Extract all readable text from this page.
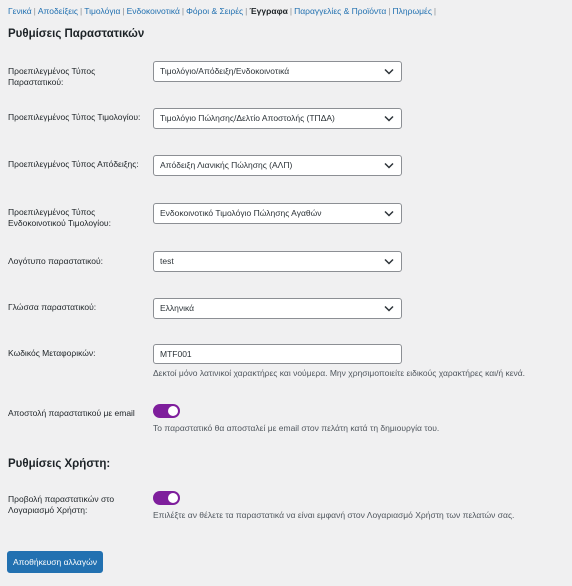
Γενικά | Αποδείξεις | Τιμολόγια | Ενδοκοινοτικά | Φόροι & Σειρές | Έγγραφα | Παραγγελίες & Προϊόντα | Πληρωμές |
Ρυθμίσεις Παραστατικών
Προεπιλεγμένος Τύπος Παραστατικού:
Τιμολόγιο/Απόδειξη/Ενδοκοινοτικά
Προεπιλεγμένος Τύπος Τιμολογίου:	Τιμολόγιο Πώλησης/Δελτίο Αποστολής (ΤΠΔΑ)
Προεπιλεγμένος Τύπος Απόδειξης:	Απόδειξη Λιανικής Πώλησης (ΑΛΠ)
Προεπιλεγμένος Τύπος Ενδοκοινοτικού Τιμολογίου:
Ενδοκοινοτικό Τιμολόγιο Πώλησης Αγαθών
Λογότυπο παραστατικού:	test
Γλώσσα παραστατικού:	Ελληνικά
Κωδικός Μεταφορικών:	MTF001
Δεκτοί μόνο λατινικοί χαρακτήρες και νούμερα. Μην χρησιμοποιείτε ειδικούς χαρακτήρες και/ή κενά.
Αποστολή παραστατικού με email
Το παραστατικό θα αποσταλεί με email στον πελάτη κατά τη δημιουργία του.
Ρυθμίσεις Χρήστη:
Προβολή παραστατικών στο Λογαριασμό Χρήστη:
Επιλέξτε αν θέλετε τα παραστατικά να είναι εμφανή στον Λογαριασμό Χρήστη των πελατών σας.
Αποθήκευση αλλαγών
